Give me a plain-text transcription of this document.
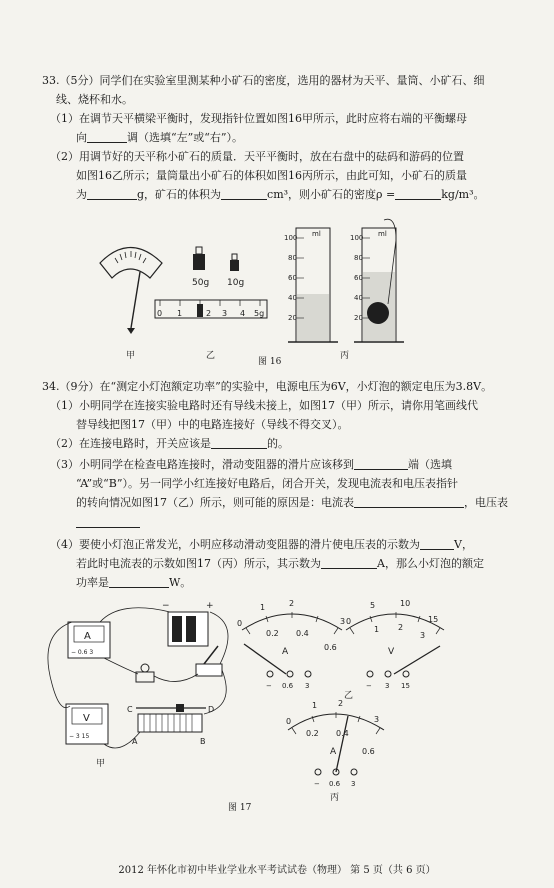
33.（5分）同学们在实验室里测某种小矿石的密度，选用的器材为天平、量筒、小矿石、细
线、烧杯和水。
（1）在调节天平横梁平衡时，发现指针位置如图16甲所示，此时应将右端的平衡螺母
向	调（选填“左”或“右”）。
（2）用调节好的天平称小矿石的质量．天平平衡时，放在右盘中的砝码和游码的位置
如图16乙所示；量筒量出小矿石的体积如图16丙所示，由此可知，小矿石的质量
为	g，矿石的体积为	cm³，则小矿石的密度ρ =	kg/m³。
甲
50g 10g
0 1	2 3 4 5g
乙
ml
100
80
60
40
20
ml
100
80
60
40
20
丙
图 16
34.（9分）在“测定小灯泡额定功率”的实验中，电源电压为6V，小灯泡的额定电压为3.8V。
（1）小明同学在连接实验电路时还有导线未接上，如图17（甲）所示，请你用笔画线代
替导线把图17（甲）中的电路连接好（导线不得交叉）。
（2）在连接电路时，开关应该是	的。
（3）小明同学在检查电路连接时，滑动变阻器的滑片应该移到	端（选填
“A”或“B”）。另一同学小红连接好电路后，闭合开关，发现电流表和电压表指针
的转向情况如图17（乙）所示，则可能的原因是：电流表	，电压表
（4）要使小灯泡正常发光，小明应移动滑动变阻器的滑片使电压表的示数为	V，
若此时电流表的示数如图17（丙）所示，其示数为	A，那么小灯泡的额定
功率是	W。
+
−
A
− 0.6 3
V
− 3 15
C	D
A	B
甲
0
1	2
3
0.2 0.4
0.6
A
− 0.6 3
0
5	10
15
1 2
3
V
− 3 15
乙
0
1	2
3
0.2 0.4
0.6
A
− 0.6 3
丙
图 17
2012 年怀化市初中毕业学业水平考试试卷（物理） 第 5 页（共 6 页）
